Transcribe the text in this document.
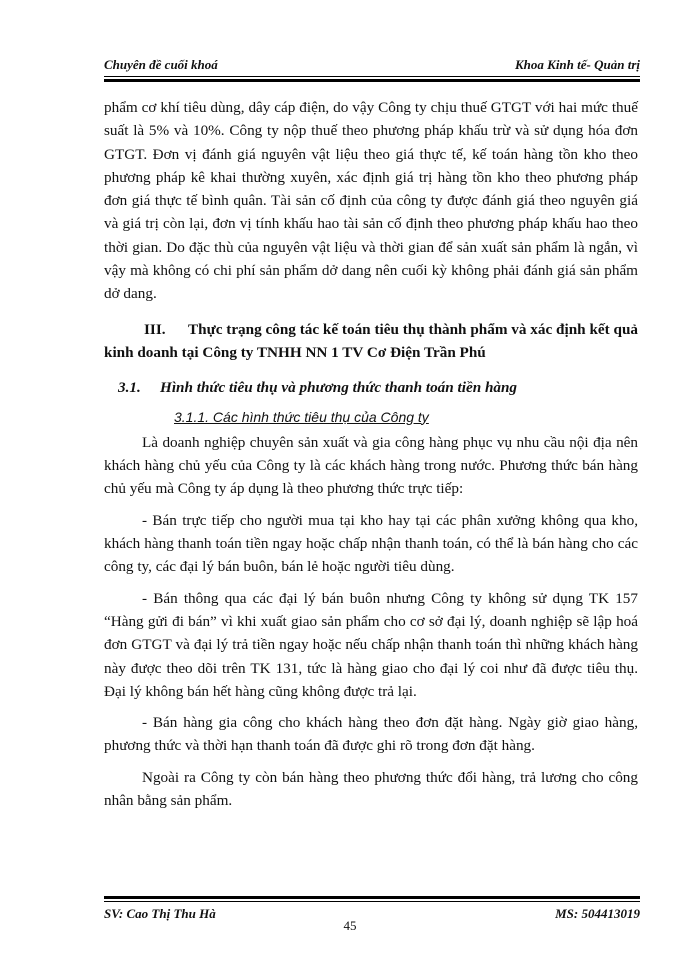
Chuyên đề cuối khoá	Khoa Kinh tế- Quản trị

phẩm cơ khí tiêu dùng, dây cáp điện, do vậy Công ty chịu thuế GTGT với hai mức thuế suất là 5% và 10%. Công ty nộp thuế theo phương pháp khấu trừ và sử dụng hóa đơn GTGT. Đơn vị đánh giá nguyên vật liệu theo giá thực tế, kế toán hàng tồn kho theo phương pháp kê khai thường xuyên, xác định giá trị hàng tồn kho theo phương pháp đơn giá thực tế bình quân. Tài sản cố định của công ty được đánh giá theo nguyên giá và giá trị còn lại, đơn vị tính khấu hao tài sản cố định theo phương pháp khấu hao theo thời gian. Do đặc thù của nguyên vật liệu và thời gian để sản xuất sản phẩm là ngắn, vì vậy mà không có chi phí sản phẩm dở dang nên cuối kỳ không phải đánh giá sản phẩm dở dang.

III. Thực trạng công tác kế toán tiêu thụ thành phẩm và xác định kết quả kinh doanh tại Công ty TNHH NN 1 TV Cơ Điện Trần Phú

3.1. Hình thức tiêu thụ và phương thức thanh toán tiền hàng

3.1.1. Các hình thức tiêu thụ của Công ty

Là doanh nghiệp chuyên sản xuất và gia công hàng phục vụ nhu cầu nội địa nên khách hàng chủ yếu của Công ty là các khách hàng trong nước. Phương thức bán hàng chủ yếu mà Công ty áp dụng là theo phương thức trực tiếp:

- Bán trực tiếp cho người mua tại kho hay tại các phân xưởng không qua kho, khách hàng thanh toán tiền ngay hoặc chấp nhận thanh toán, có thể là bán hàng cho các công ty, các đại lý bán buôn, bán lẻ hoặc người tiêu dùng.

- Bán thông qua các đại lý bán buôn nhưng Công ty không sử dụng TK 157 “Hàng gửi đi bán” vì khi xuất giao sản phẩm cho cơ sở đại lý, doanh nghiệp sẽ lập hoá đơn GTGT và đại lý trả tiền ngay hoặc nếu chấp nhận thanh toán thì những khách hàng này được theo dõi trên TK 131, tức là hàng giao cho đại lý coi như đã được tiêu thụ. Đại lý không bán hết hàng cũng không được trả lại.

- Bán hàng gia công cho khách hàng theo đơn đặt hàng. Ngày giờ giao hàng, phương thức và thời hạn thanh toán đã được ghi rõ trong đơn đặt hàng.

Ngoài ra Công ty còn bán hàng theo phương thức đổi hàng, trả lương cho công nhân bằng sản phẩm.

SV: Cao Thị Thu Hà	MS: 504413019
45
